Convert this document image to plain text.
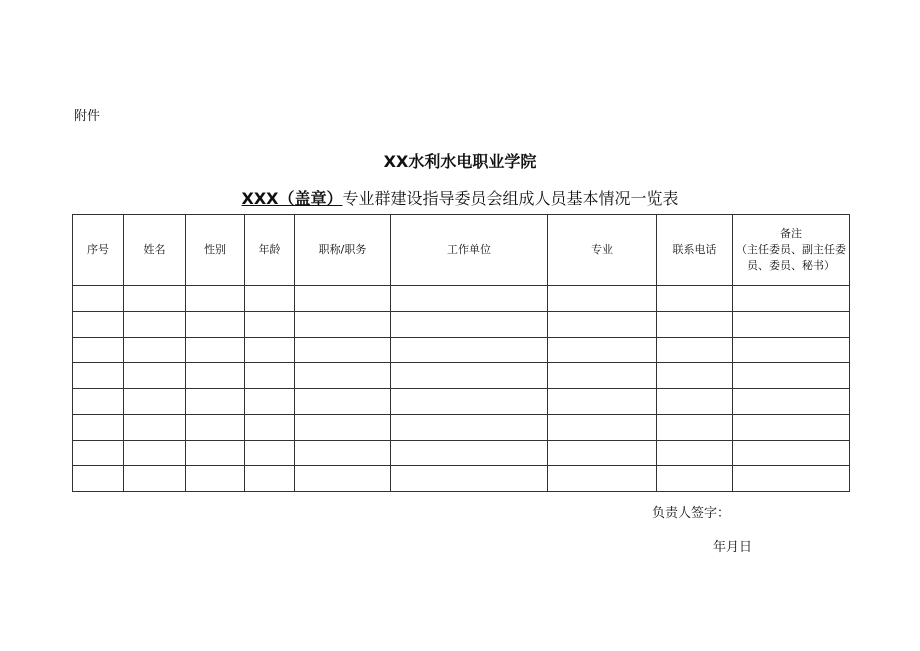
附件
XX水利水电职业学院
XXX（盖章）专业群建设指导委员会组成人员基本情况一览表
序号	姓名	性别	年龄	职称/职务	工作单位	专业	联系电话	备注
（主任委员、副主任委员、委员、秘书）

负责人签字：
年月日
